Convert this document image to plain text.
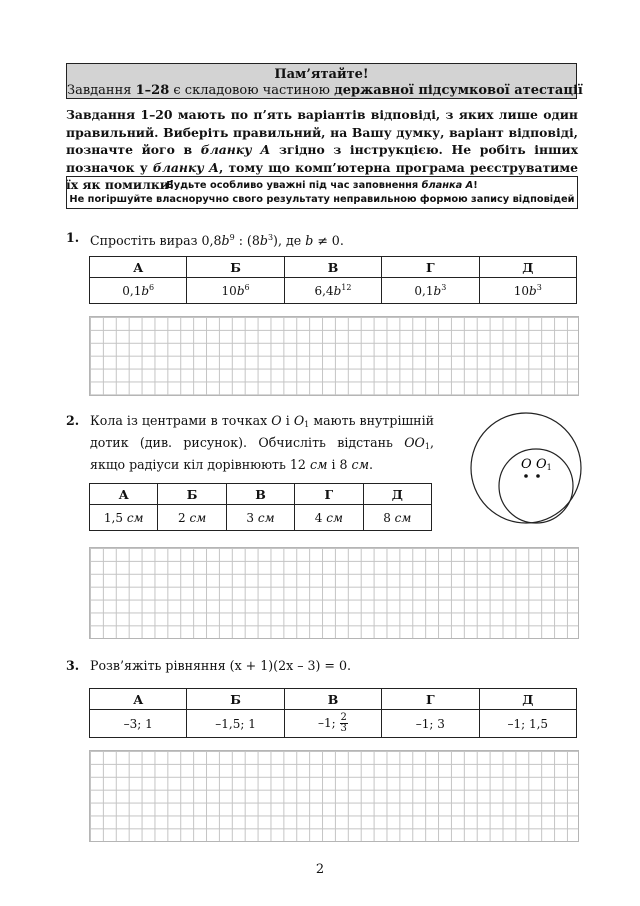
Пам’ятайте!
Завдання 1–28 є складовою частиною державної підсумкової атестації
Завдання 1–20 мають по п’ять варіантів відповіді, з яких лише один правильний. Виберіть правильний, на Вашу думку, варіант відповіді, позначте його в бланку А згідно з інструкцією. Не робіть інших позначок у бланку А, тому що комп’ютерна програма реєструватиме їх як помилки!
Будьте особливо уважні під час заповнення бланка А!
Не погіршуйте власноручно свого результату неправильною формою запису відповідей
1. Спростіть вираз $0,8b^9$ : $(8b^3)$, де b ≠ 0.
А	Б	В	Г	Д
$0,1b^6$	$10b^6$	$6,4b^{12}$	$0,1b^3$	$10b^3$
2. Кола із центрами в точках O і $O_1$ мають внутрішній дотик (див. рисунок). Обчисліть відстань $OO_1$, якщо радіуси кіл дорівнюють 12 см і 8 см.	O O1
А	Б	В	Г	Д
1,5 см	2 см	3 см	4 см	8 см
3. Розв’яжіть рівняння (x + 1)(2x – 3) = 0.
А	Б	В	Г	Д
–3; 1	–1,5; 1	–1; $\frac{2}{3}$	–1; 3	–1; 1,5
2
